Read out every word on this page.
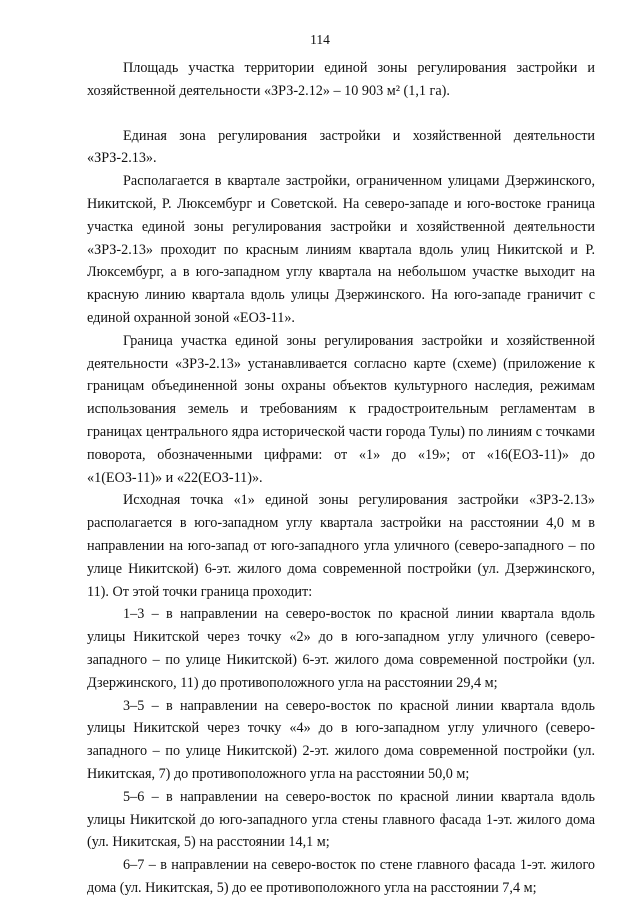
114

Площадь участка территории единой зоны регулирования застройки и хозяйственной деятельности «ЗРЗ-2.12» – 10 903 м² (1,1 га).

Единая зона регулирования застройки и хозяйственной деятельности «ЗРЗ-2.13».

Располагается в квартале застройки, ограниченном улицами Дзержинского, Никитской, Р. Люксембург и Советской. На северо-западе и юго-востоке граница участка единой зоны регулирования застройки и хозяйственной деятельности «ЗРЗ-2.13» проходит по красным линиям квартала вдоль улиц Никитской и Р. Люксембург, а в юго-западном углу квартала на небольшом участке выходит на красную линию квартала вдоль улицы Дзержинского. На юго-западе граничит с единой охранной зоной «ЕОЗ-11».

Граница участка единой зоны регулирования застройки и хозяйственной деятельности «ЗРЗ-2.13» устанавливается согласно карте (схеме) (приложение к границам объединенной зоны охраны объектов культурного наследия, режимам использования земель и требованиям к градостроительным регламентам в границах центрального ядра исторической части города Тулы) по линиям с точками поворота, обозначенными цифрами: от «1» до «19»; от «16(ЕОЗ-11)» до «1(ЕОЗ-11)» и «22(ЕОЗ-11)».

Исходная точка «1» единой зоны регулирования застройки «ЗРЗ-2.13» располагается в юго-западном углу квартала застройки на расстоянии 4,0 м в направлении на юго-запад от юго-западного угла уличного (северо-западного – по улице Никитской) 6-эт. жилого дома современной постройки (ул. Дзержинского, 11). От этой точки граница проходит:

1–3 – в направлении на северо-восток по красной линии квартала вдоль улицы Никитской через точку «2» до в юго-западном углу уличного (северо-западного – по улице Никитской) 6-эт. жилого дома современной постройки (ул. Дзержинского, 11) до противоположного угла на расстоянии 29,4 м;

3–5 – в направлении на северо-восток по красной линии квартала вдоль улицы Никитской через точку «4» до в юго-западном углу уличного (северо-западного – по улице Никитской) 2-эт. жилого дома современной постройки (ул. Никитская, 7) до противоположного угла на расстоянии 50,0 м;

5–6 – в направлении на северо-восток по красной линии квартала вдоль улицы Никитской до юго-западного угла стены главного фасада 1-эт. жилого дома (ул. Никитская, 5) на расстоянии 14,1 м;

6–7 – в направлении на северо-восток по стене главного фасада 1-эт. жилого дома (ул. Никитская, 5) до ее противоположного угла на расстоянии 7,4 м;
